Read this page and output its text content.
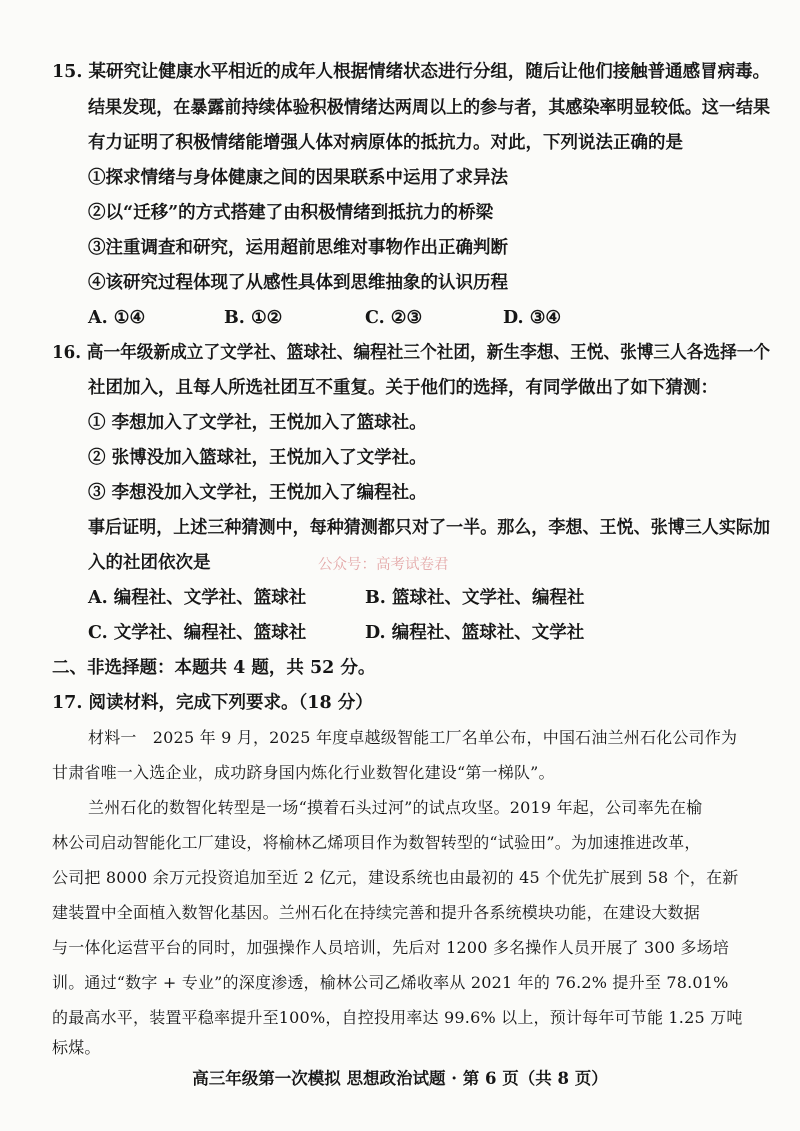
15. 某研究让健康水平相近的成年人根据情绪状态进行分组，随后让他们接触普通感冒病毒。
结果发现，在暴露前持续体验积极情绪达两周以上的参与者，其感染率明显较低。这一结果
有力证明了积极情绪能增强人体对病原体的抵抗力。对此，下列说法正确的是
①探求情绪与身体健康之间的因果联系中运用了求异法
②以“迁移”的方式搭建了由积极情绪到抵抗力的桥梁
③注重调查和研究，运用超前思维对事物作出正确判断
④该研究过程体现了从感性具体到思维抽象的认识历程
A. ①④	B. ①②	C. ②③	D. ③④
16. 高一年级新成立了文学社、篮球社、编程社三个社团，新生李想、王悦、张博三人各选择一个
社团加入，且每人所选社团互不重复。关于他们的选择，有同学做出了如下猜测：
① 李想加入了文学社，王悦加入了篮球社。
② 张博没加入篮球社，王悦加入了文学社。
③ 李想没加入文学社，王悦加入了编程社。
事后证明，上述三种猜测中，每种猜测都只对了一半。那么，李想、王悦、张博三人实际加
入的社团依次是	公众号：高考试卷君
A. 编程社、文学社、篮球社	B. 篮球社、文学社、编程社
C. 文学社、编程社、篮球社	D. 编程社、篮球社、文学社
二、非选择题：本题共 4 题，共 52 分。
17. 阅读材料，完成下列要求。（18 分）
材料一　2025 年 9 月，2025 年度卓越级智能工厂名单公布，中国石油兰州石化公司作为
甘肃省唯一入选企业，成功跻身国内炼化行业数智化建设“第一梯队”。
兰州石化的数智化转型是一场“摸着石头过河”的试点攻坚。2019 年起，公司率先在榆
林公司启动智能化工厂建设，将榆林乙烯项目作为数智转型的“试验田”。为加速推进改革，
公司把 8000 余万元投资追加至近 2 亿元，建设系统也由最初的 45 个优先扩展到 58 个，在新
建装置中全面植入数智化基因。兰州石化在持续完善和提升各系统模块功能，在建设大数据
与一体化运营平台的同时，加强操作人员培训，先后对 1200 多名操作人员开展了 300 多场培
训。通过“数字 + 专业”的深度渗透，榆林公司乙烯收率从 2021 年的 76.2% 提升至 78.01%
的最高水平，装置平稳率提升至100%，自控投用率达 99.6% 以上，预计每年可节能 1.25 万吨
标煤。
高三年级第一次模拟 思想政治试题 · 第 6 页（共 8 页）
